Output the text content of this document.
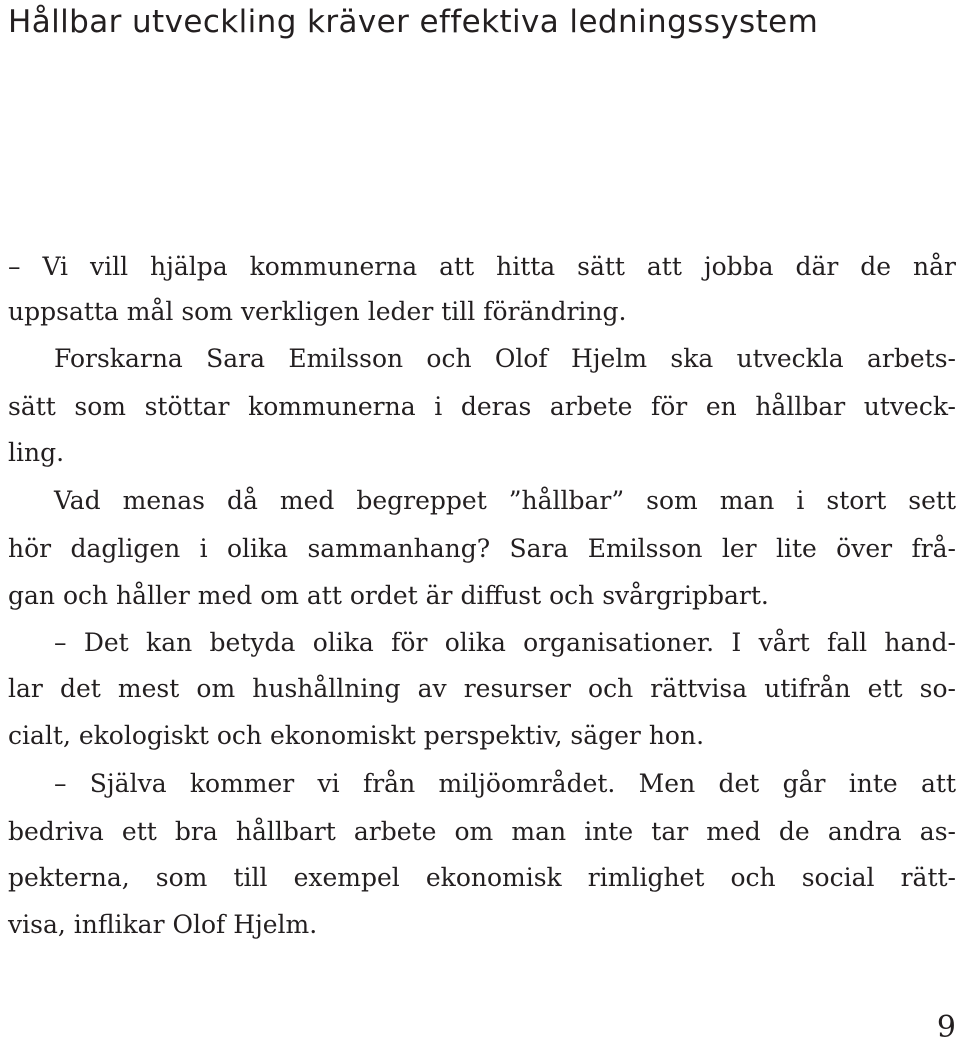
Hållbar utveckling kräver effektiva ledningssystem
– Vi vill hjälpa kommunerna att hitta sätt att jobba där de når
uppsatta mål som verkligen leder till förändring.
Forskarna Sara Emilsson och Olof Hjelm ska utveckla arbets-
sätt som stöttar kommunerna i deras arbete för en hållbar utveck-
ling.
Vad menas då med begreppet ”hållbar” som man i stort sett
hör dagligen i olika sammanhang? Sara Emilsson ler lite över frå-
gan och håller med om att ordet är diffust och svårgripbart.
– Det kan betyda olika för olika organisationer. I vårt fall hand-
lar det mest om hushållning av resurser och rättvisa utifrån ett so-
cialt, ekologiskt och ekonomiskt perspektiv, säger hon.
– Själva kommer vi från miljöområdet. Men det går inte att
bedriva ett bra hållbart arbete om man inte tar med de andra as-
pekterna, som till exempel ekonomisk rimlighet och social rätt-
visa, inflikar Olof Hjelm.
9
